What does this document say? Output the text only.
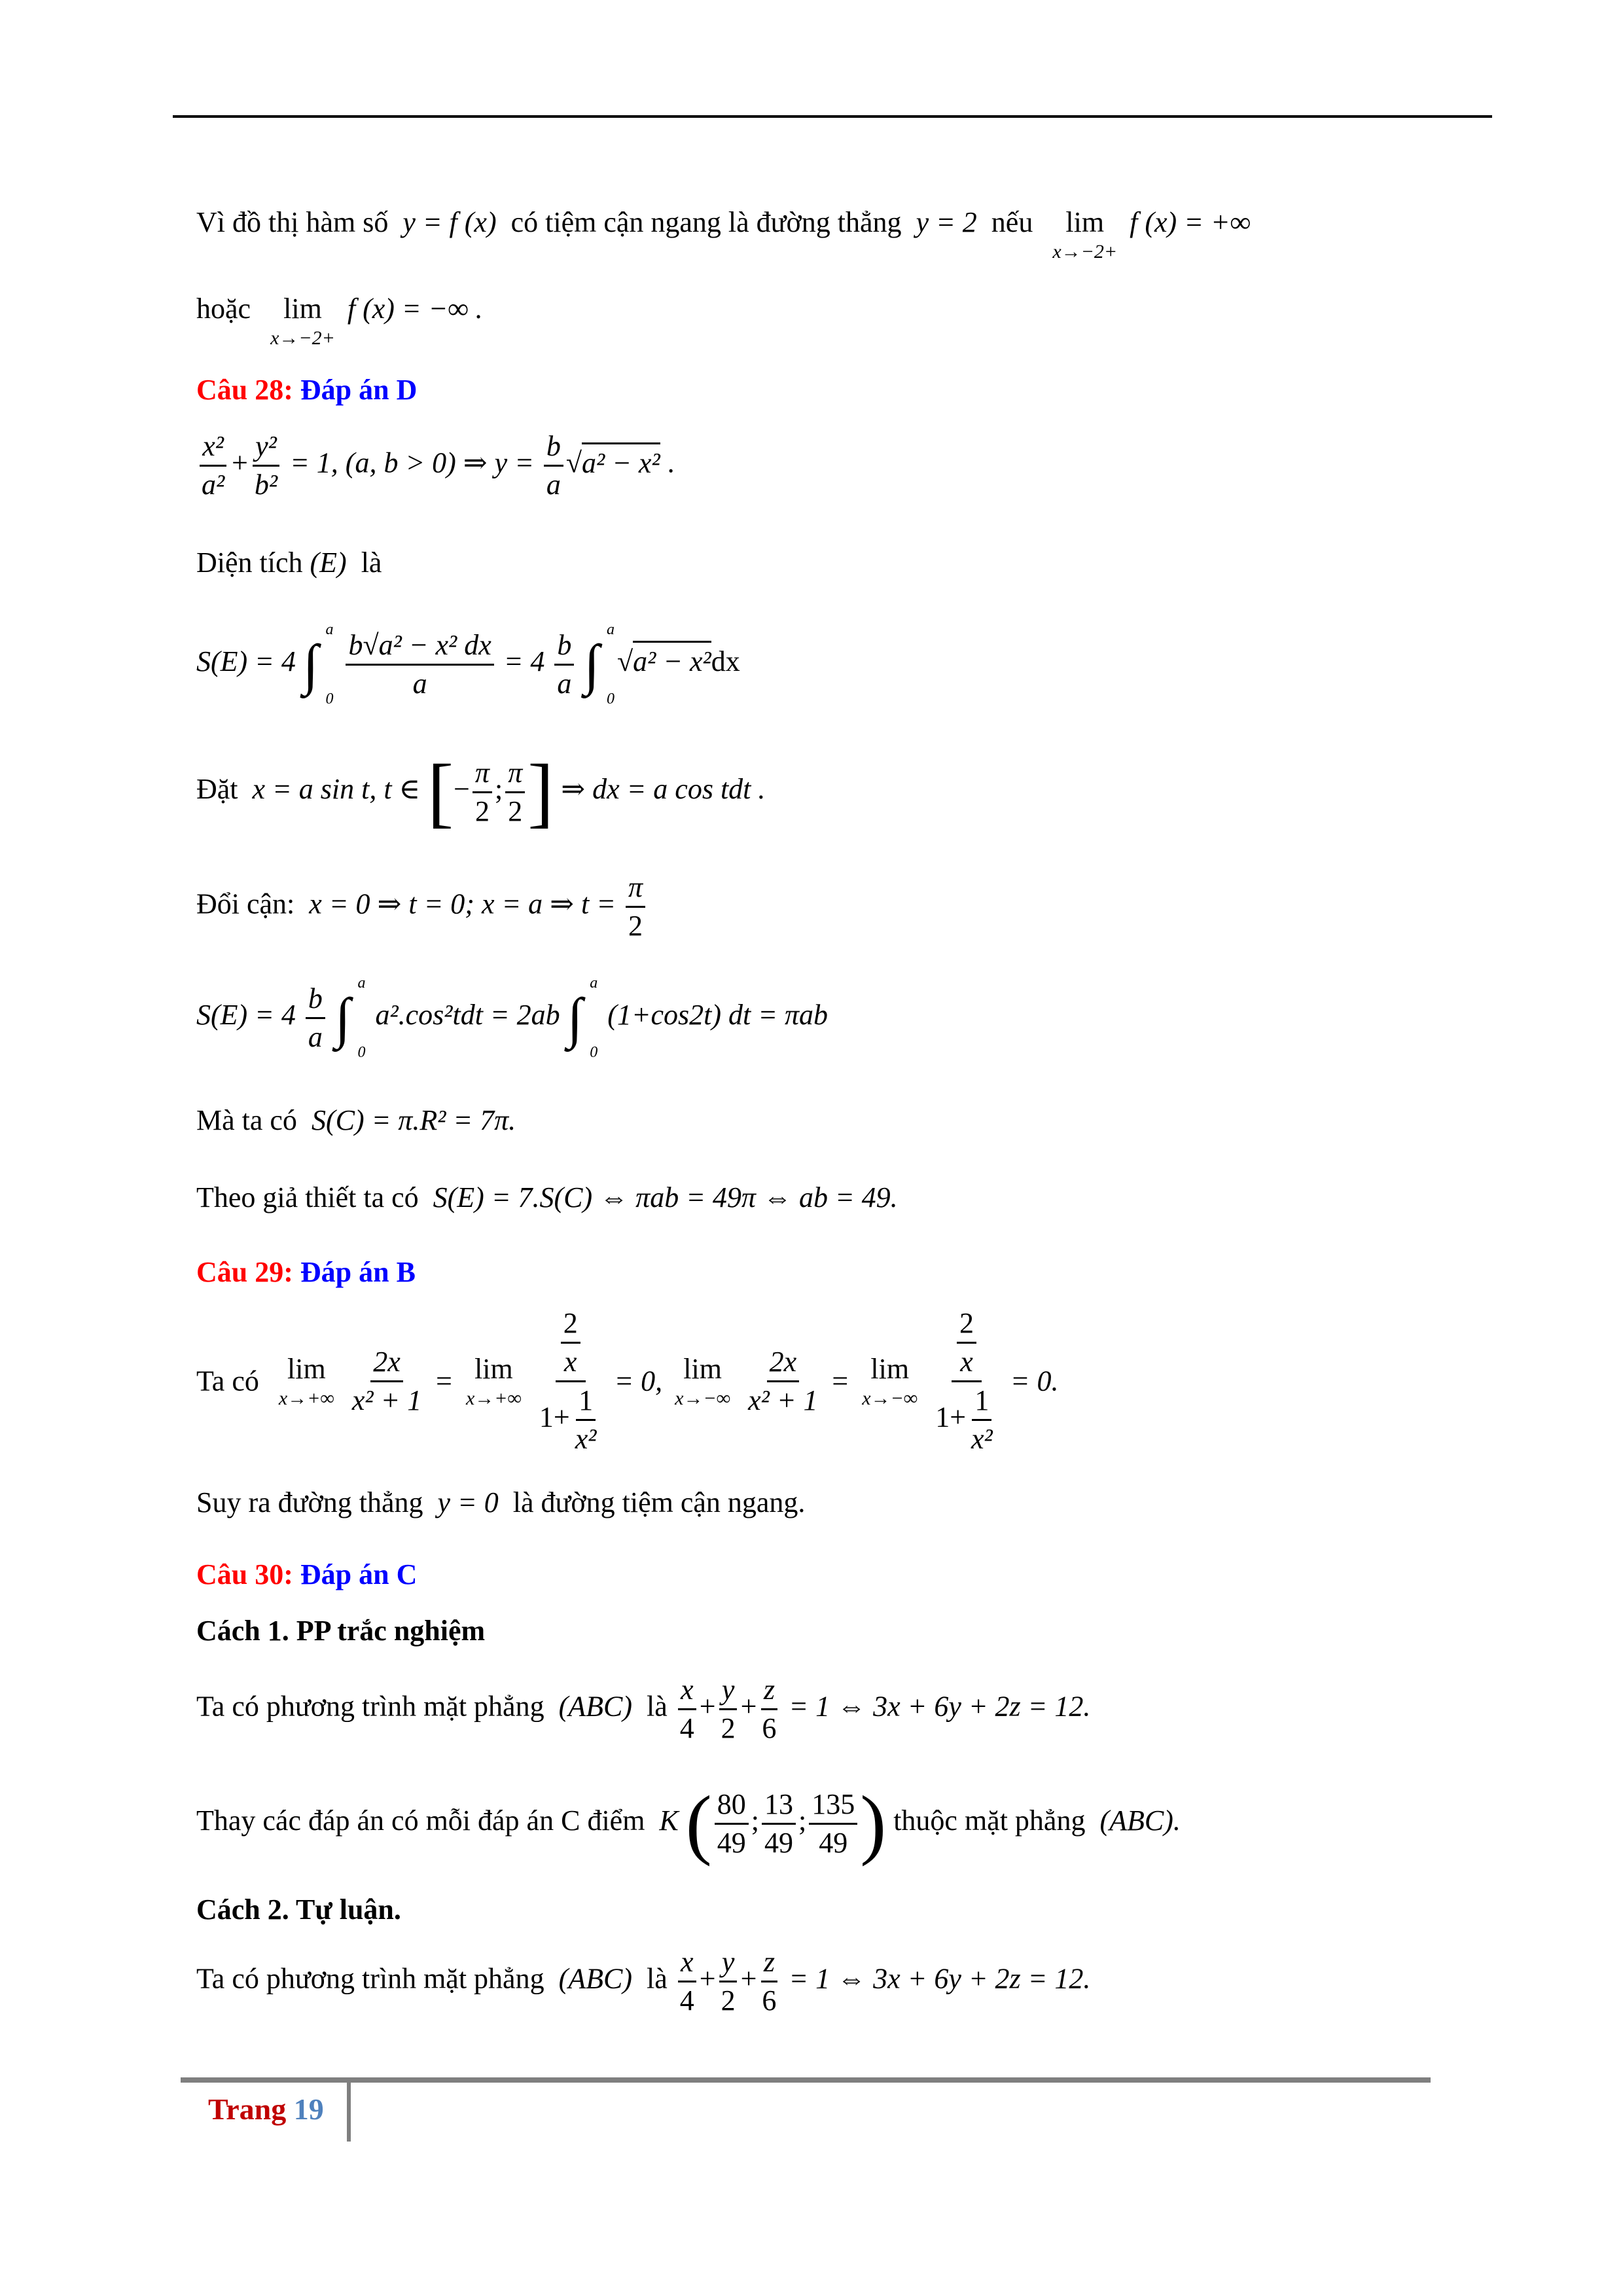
Vì đồ thị hàm số y = f (x) có tiệm cận ngang là đường thẳng y = 2 nếu lim
x→−2+
f (x) = +∞
hoặc lim
x→−2+
f (x) = −∞ .
Câu 28: Đáp án D
$\frac{\text{x²}}{\text{a²}} + \frac{\text{y²}}{\text{b²}} = 1$, (a, b > 0) ⇒ $y = \frac{b}{a} √a^2 - x^2$ .
Diện tích (E) là
S(E) = 4 ∫
a
0

$\frac{\text{b√a² − x² dx}}{a} = 4 \frac{b}{a}$ ∫
a
0
√a² − x²dx
Đặt x = a sin t, t ∈ [− $\frac{\pi}{2}$ ; $\frac{\pi}{2}$ ] ⇒ dx = a cos tdt .
Đổi cận: x = 0 ⇒ t = 0; x = a ⇒ $t = \frac{\pi}{2}$
$S(E) = 4 \frac{b}{a}$ ∫
a
0
a².cos²tdt = 2ab ∫
a
0
(1+cos2t) dt = πab
Mà ta có S(C) = π.R² = 7π.
Theo giả thiết ta có S(E) = 7.S(C) ⇔ πab = 49π ⇔ ab = 49.
Câu 29: Đáp án B
Ta có lim
x→+∞
$\frac{2x}{\text{x² + 1}} = \lim$
x→+∞
$\frac{\frac{2}{x}}{1+ \frac{1}{\text{x²}}} = 0$, lim
x→−∞
$\frac{2x}{\text{x² + 1}} = \lim$
x→−∞
$\frac{\frac{2}{x}}{1+ \frac{1}{\text{x²}}} = 0$.
Suy ra đường thẳng y = 0 là đường tiệm cận ngang.
Câu 30: Đáp án C
Cách 1. PP trắc nghiệm
Ta có phương trình mặt phẳng (ABC) là $\frac{x}{4} + \frac{y}{2} + \frac{z}{6} = 1$ ⇔ 3x + 6y + 2z = 12.
Thay các đáp án có mỗi đáp án C điểm K ( $\frac{80}{49}$ ; $\frac{13}{49}$ ; $\frac{135}{49}$ ) thuộc mặt phẳng (ABC).
Cách 2. Tự luận.
Ta có phương trình mặt phẳng (ABC) là $\frac{x}{4} + \frac{y}{2} + \frac{z}{6} = 1$ ⇔ 3x + 6y + 2z = 12.
Trang 19
